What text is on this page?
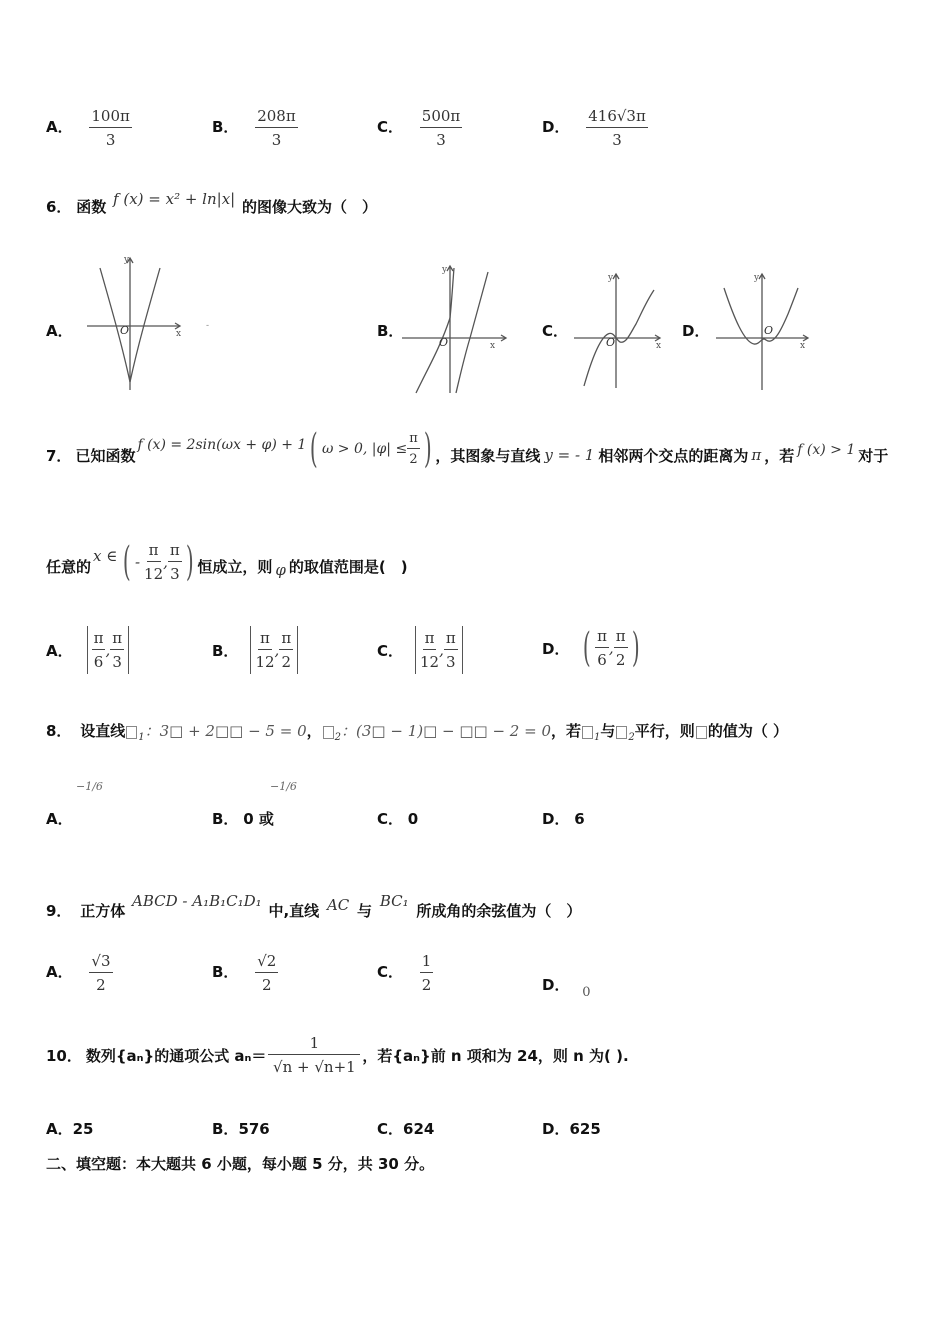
A． $\frac{100\pi}{3}$	B． $\frac{208\pi}{3}$	C． $\frac{500\pi}{3}$	D． $\frac{416√3\pi}{3}$
6． 函数 f (x) = x² + ln|x| 的图像大致为（　）
A．	B．	C．	D．
O	x
y
-
O	x
y
O	x
y
O
x
y
7． 已知函数
f (x) = 2sin(ωx + φ) + 1 ( ω > 0, $|\varphi| \le \frac{\pi}{2}$ ) ，其图象与直线 y = - 1 相邻两个交点的距离为 π ，若 f (x) > 1 对于
任意的
x ∈ ( - $\frac{\pi}{12}$ , $\frac{\pi}{3}$ ) 恒成立，则 φ 的取值范围是(　)
A． $\frac{\pi}{6}$ , $\frac{\pi}{3}$	B． $\frac{\pi}{12}$ , $\frac{\pi}{2}$	C． $\frac{\pi}{12}$ , $\frac{\pi}{3}$	D． ( $\frac{\pi}{6}$ , $\frac{\pi}{2}$ )
8． 设直线 $_1$：3□ + 2□□ − 5 = 0， $_2$：(3□ − 1)□ − □□ − 2 = 0，若 $_1$与 $_2$平行，则 的值为（ ）
A．
−1/6
B． 0 或
−1/6
C． 0	D． 6
9． 正方体 ABCD - A₁B₁C₁D₁ 中,直线 AC 与 BC₁ 所成角的余弦值为（　）
A． $\frac{√3}{2}$	B． $\frac{√2}{2}$	C． $\frac{1}{2}$	D． 0
10． 数列{aₙ}的通项公式 $a_n= \frac{1}{√n + √n+1}$ ，若{aₙ}前 n 项和为 24，则 n 为( ).
A．25	B．576	C．624	D．625
二、填空题：本大题共 6 小题，每小题 5 分，共 30 分。
